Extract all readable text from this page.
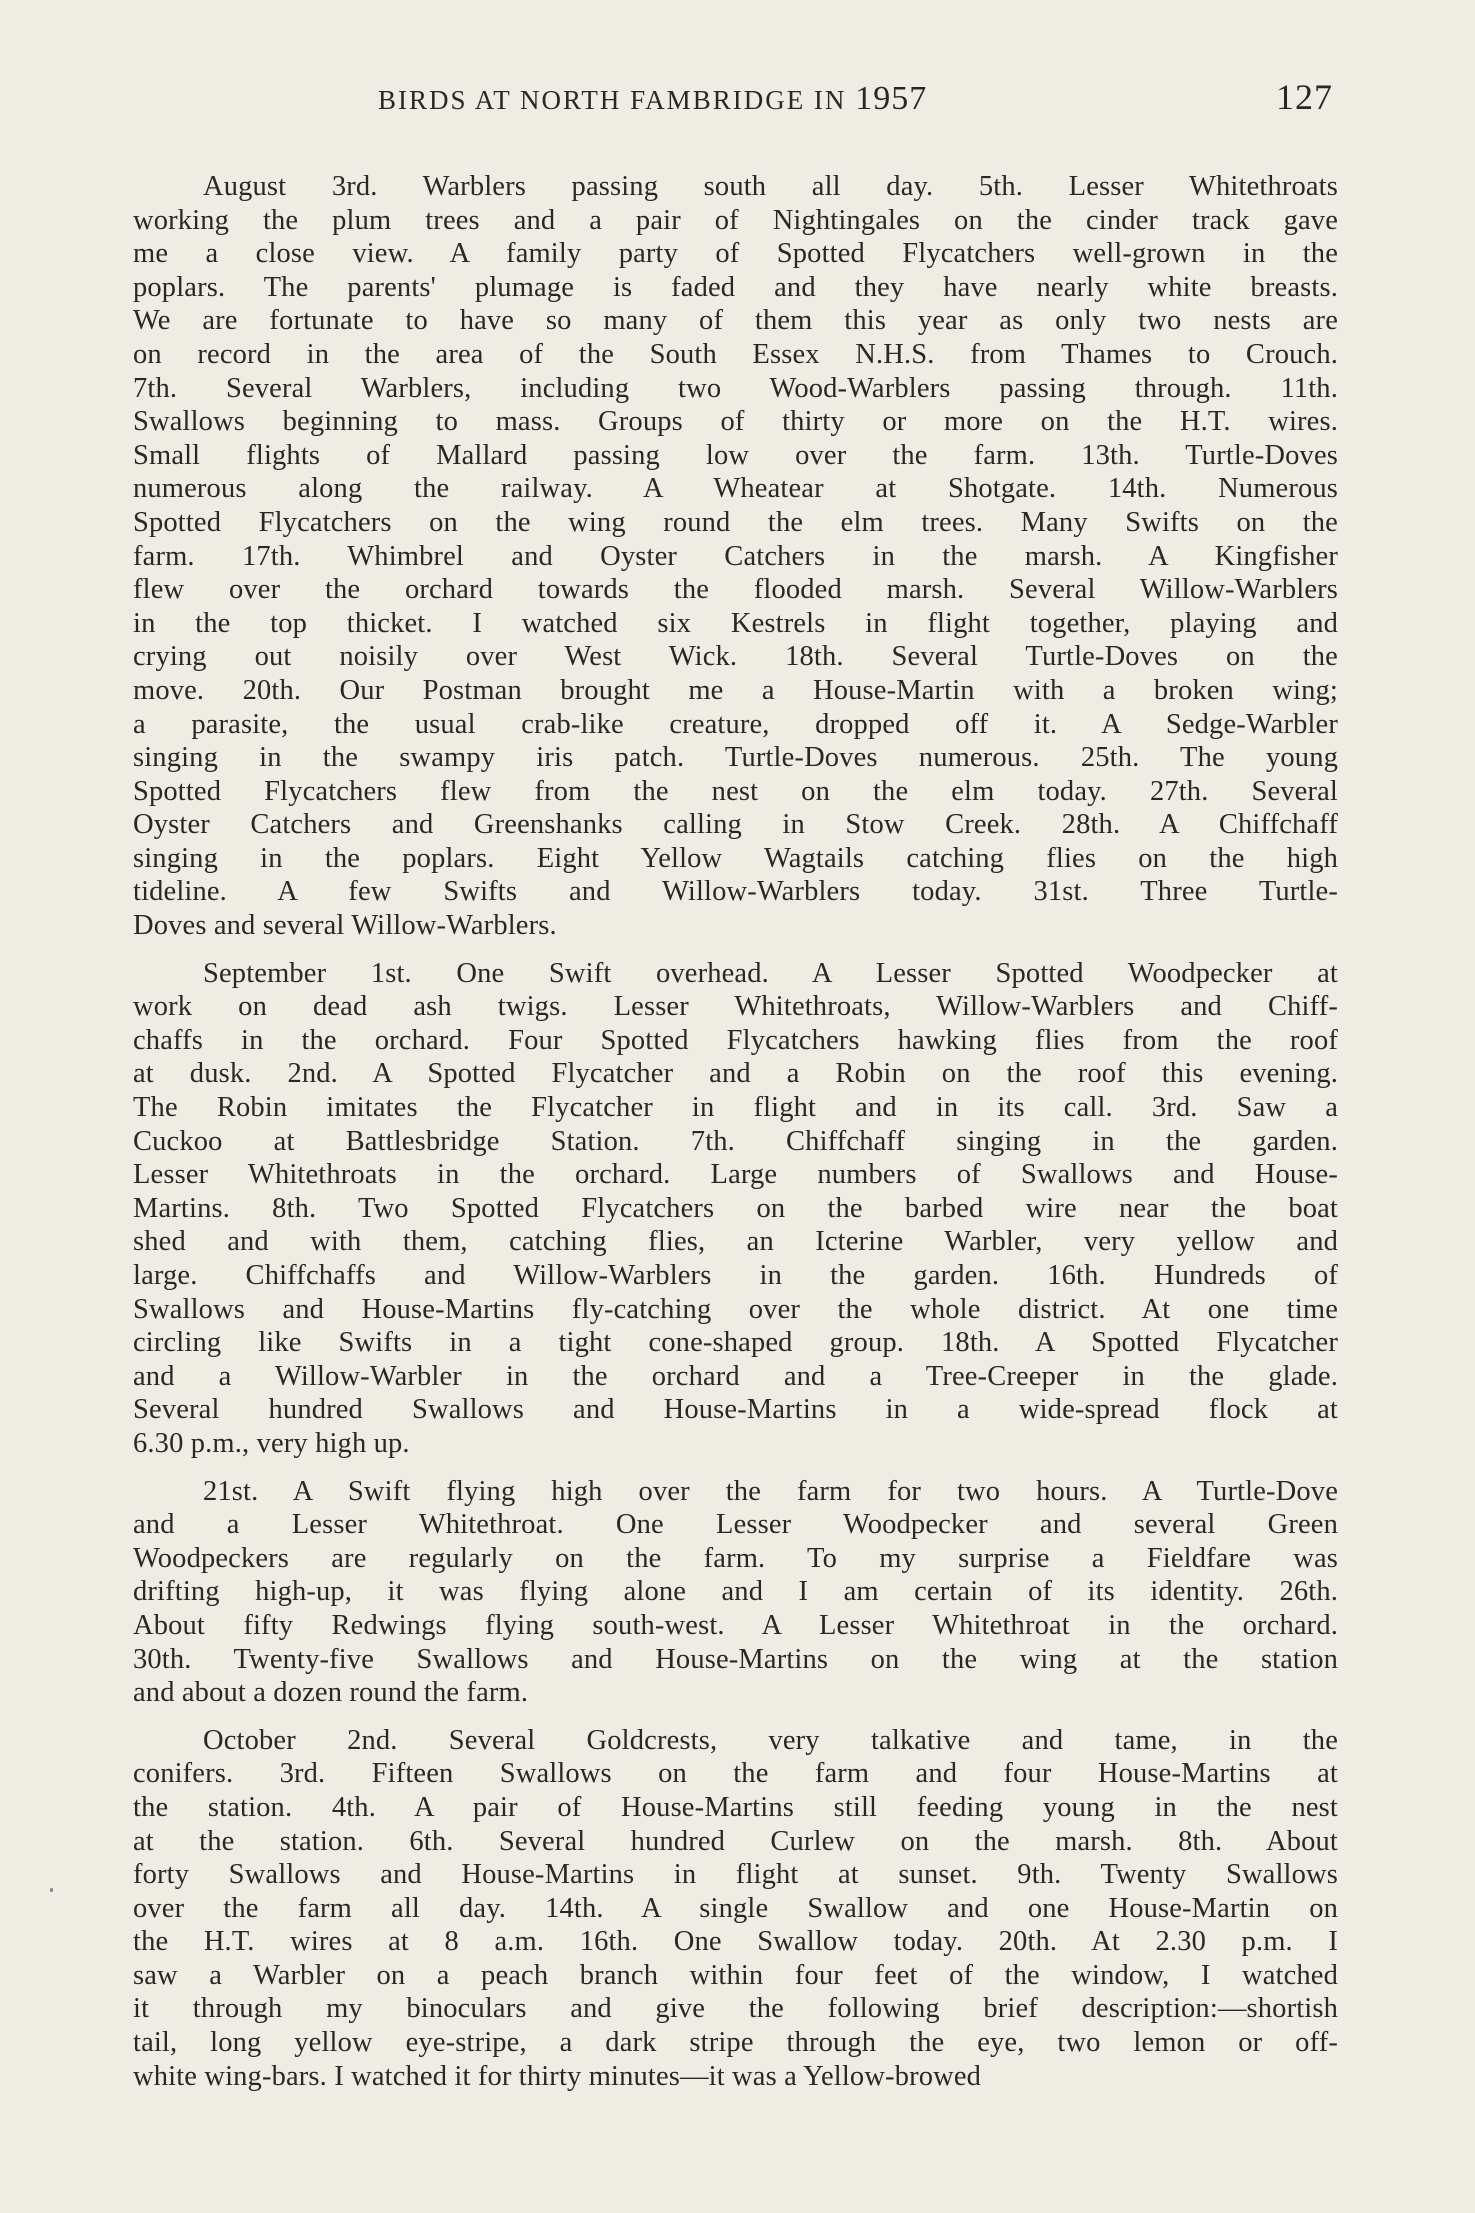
BIRDS AT NORTH FAMBRIDGE IN 1957	127
August 3rd. Warblers passing south all day. 5th. Lesser Whitethroats
working the plum trees and a pair of Nightingales on the cinder track gave
me a close view. A family party of Spotted Flycatchers well-grown in the
poplars. The parents' plumage is faded and they have nearly white breasts.
We are fortunate to have so many of them this year as only two nests are
on record in the area of the South Essex N.H.S. from Thames to Crouch.
7th. Several Warblers, including two Wood-Warblers passing through. 11th.
Swallows beginning to mass. Groups of thirty or more on the H.T. wires.
Small flights of Mallard passing low over the farm. 13th. Turtle-Doves
numerous along the railway. A Wheatear at Shotgate. 14th. Numerous
Spotted Flycatchers on the wing round the elm trees. Many Swifts on the
farm. 17th. Whimbrel and Oyster Catchers in the marsh. A Kingfisher
flew over the orchard towards the flooded marsh. Several Willow-Warblers
in the top thicket. I watched six Kestrels in flight together, playing and
crying out noisily over West Wick. 18th. Several Turtle-Doves on the
move. 20th. Our Postman brought me a House-Martin with a broken wing;
a parasite, the usual crab-like creature, dropped off it. A Sedge-Warbler
singing in the swampy iris patch. Turtle-Doves numerous. 25th. The young
Spotted Flycatchers flew from the nest on the elm today. 27th. Several
Oyster Catchers and Greenshanks calling in Stow Creek. 28th. A Chiffchaff
singing in the poplars. Eight Yellow Wagtails catching flies on the high
tideline. A few Swifts and Willow-Warblers today. 31st. Three Turtle-
Doves and several Willow-Warblers.
September 1st. One Swift overhead. A Lesser Spotted Woodpecker at
work on dead ash twigs. Lesser Whitethroats, Willow-Warblers and Chiff-
chaffs in the orchard. Four Spotted Flycatchers hawking flies from the roof
at dusk. 2nd. A Spotted Flycatcher and a Robin on the roof this evening.
The Robin imitates the Flycatcher in flight and in its call. 3rd. Saw a
Cuckoo at Battlesbridge Station. 7th. Chiffchaff singing in the garden.
Lesser Whitethroats in the orchard. Large numbers of Swallows and House-
Martins. 8th. Two Spotted Flycatchers on the barbed wire near the boat
shed and with them, catching flies, an Icterine Warbler, very yellow and
large. Chiffchaffs and Willow-Warblers in the garden. 16th. Hundreds of
Swallows and House-Martins fly-catching over the whole district. At one time
circling like Swifts in a tight cone-shaped group. 18th. A Spotted Flycatcher
and a Willow-Warbler in the orchard and a Tree-Creeper in the glade.
Several hundred Swallows and House-Martins in a wide-spread flock at
6.30 p.m., very high up.
21st. A Swift flying high over the farm for two hours. A Turtle-Dove
and a Lesser Whitethroat. One Lesser Woodpecker and several Green
Woodpeckers are regularly on the farm. To my surprise a Fieldfare was
drifting high-up, it was flying alone and I am certain of its identity. 26th.
About fifty Redwings flying south-west. A Lesser Whitethroat in the orchard.
30th. Twenty-five Swallows and House-Martins on the wing at the station
and about a dozen round the farm.
October 2nd. Several Goldcrests, very talkative and tame, in the
conifers. 3rd. Fifteen Swallows on the farm and four House-Martins at
the station. 4th. A pair of House-Martins still feeding young in the nest
at the station. 6th. Several hundred Curlew on the marsh. 8th. About
forty Swallows and House-Martins in flight at sunset. 9th. Twenty Swallows
over the farm all day. 14th. A single Swallow and one House-Martin on
the H.T. wires at 8 a.m. 16th. One Swallow today. 20th. At 2.30 p.m. I
saw a Warbler on a peach branch within four feet of the window, I watched
it through my binoculars and give the following brief description:—shortish
tail, long yellow eye-stripe, a dark stripe through the eye, two lemon or off-
white wing-bars. I watched it for thirty minutes—it was a Yellow-browed
